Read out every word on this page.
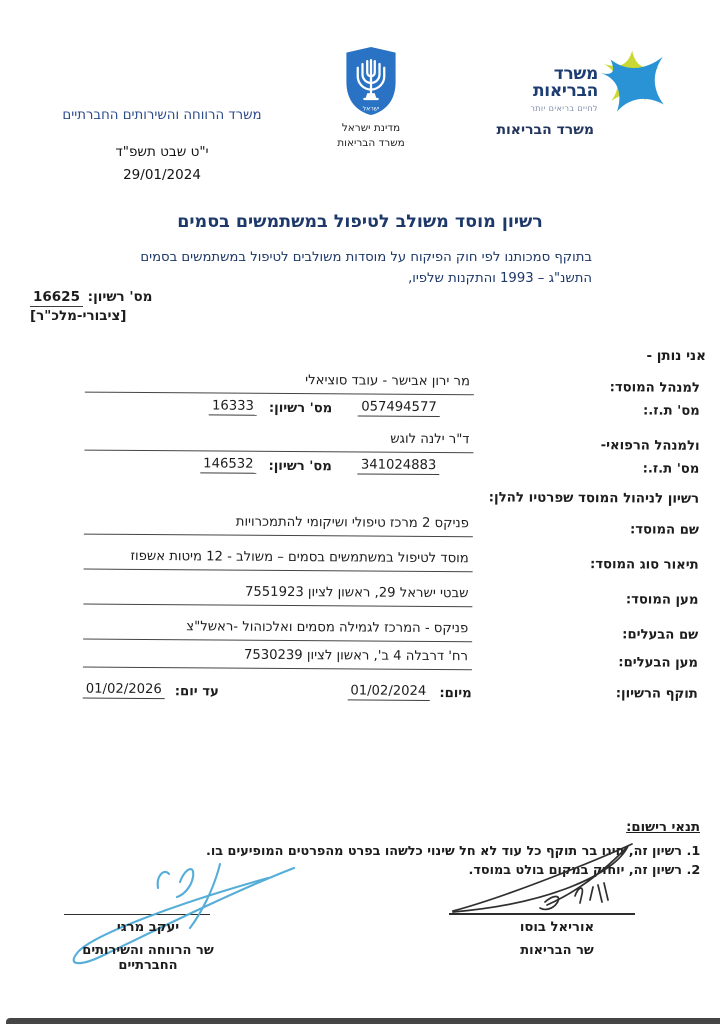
משרד
הבריאות
לחיים בריאים יותר
משרד הבריאות
ישראל
מדינת ישראל
משרד הבריאות
משרד הרווחה והשירותים החברתיים
י"ט שבט תשפ"ד
29/01/2024
רשיון מוסד משולב לטיפול במשתמשים בסמים
בתוקף סמכותנו לפי חוק הפיקוח על מוסדות משולבים לטיפול במשתמשים בסמים
התשנ"ג – 1993 והתקנות שלפיו,
מס' רשיון: 16625
[ציבורי-מלכ"ר]
אני נותן -
למנהל המוסד:
מר ירון אבישר - עובד סוציאלי
מס' ת.ז.:
057494577
מס' רשיון:
16333
ולמנהל הרפואי-
ד"ר ילנה לוגש
מס' ת.ז.:
341024883
מס' רשיון:
146532
רשיון לניהול המוסד שפרטיו להלן:
שם המוסד:
פניקס 2 מרכז טיפולי ושיקומי להתמכרויות
תיאור סוג המוסד:
מוסד לטיפול במשתמשים בסמים – משולב - 12 מיטות אשפוז
מען המוסד:
שבטי ישראל 29, ראשון לציון 7551923
שם הבעלים:
פניקס - המרכז לגמילה מסמים ואלכוהול -ראשל"צ
מען הבעלים:
רח' דרבלה 4 ב', ראשון לציון 7530239
תוקף הרשיון:
מיום:
01/02/2024
עד יום:
01/02/2026
תנאי רישום:
1. רשיון זה, הינו בר תוקף כל עוד לא חל שינוי כלשהו בפרט מהפרטים המופיעים בו.
2. רשיון זה, יוחזק במקום בולט במוסד.
אוריאל בוסו
שר הבריאות
יעקב מרגי
שר הרווחה והשירותים החברתיים
